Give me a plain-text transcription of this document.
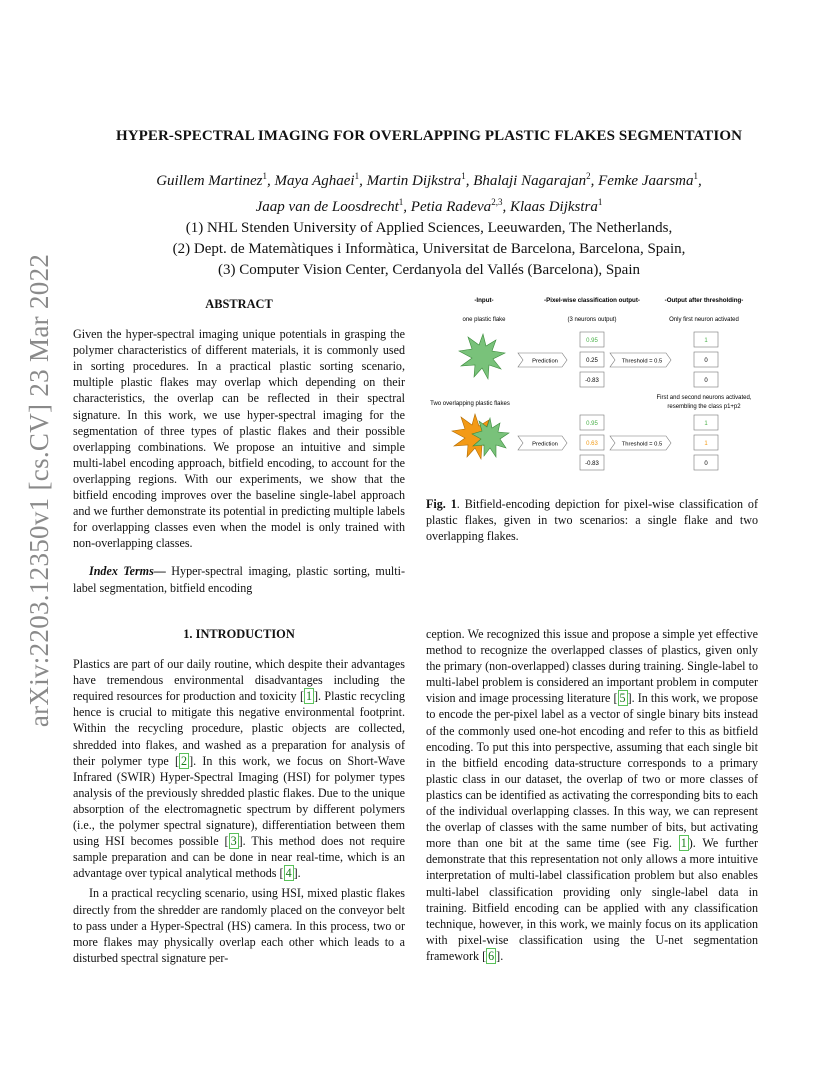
arXiv:2203.12350v1 [cs.CV] 23 Mar 2022
HYPER-SPECTRAL IMAGING FOR OVERLAPPING PLASTIC FLAKES SEGMENTATION
Guillem Martinez$^1$, Maya Aghaei$^1$, Martin Dijkstra$^1$, Bhalaji Nagarajan$^2$, Femke Jaarsma$^1$,
Jaap van de Loosdrecht$^1$, Petia Radeva$^{2,3}$, Klaas Dijkstra$^1$
(1) NHL Stenden University of Applied Sciences, Leeuwarden, The Netherlands,
(2) Dept. de Matemàtiques i Informàtica, Universitat de Barcelona, Barcelona, Spain,
(3) Computer Vision Center, Cerdanyola del Vallés (Barcelona), Spain
ABSTRACT

Given the hyper-spectral imaging unique potentials in grasping the polymer characteristics of different materials, it is commonly used in sorting procedures. In a practical plastic sorting scenario, multiple plastic flakes may overlap which depending on their characteristics, the overlap can be reflected in their spectral signature. In this work, we use hyper-spectral imaging for the segmentation of three types of plastic flakes and their possible overlapping combinations. We propose an intuitive and simple multi-label encoding approach, bitfield encoding, to account for the overlapping regions. With our experiments, we show that the bitfield encoding improves over the baseline single-label approach and we further demonstrate its potential in predicting multiple labels for overlapping classes even when the model is only trained with non-overlapping classes.

Index Terms— Hyper-spectral imaging, plastic sorting, multi-label segmentation, bitfield encoding

1. INTRODUCTION

Plastics are part of our daily routine, which despite their advantages have tremendous environmental disadvantages including the required resources for production and toxicity [ 1 ]. Plastic recycling hence is crucial to mitigate this negative environmental footprint. Within the recycling procedure, plastic objects are collected, shredded into flakes, and washed as a preparation for analysis of their polymer type [ 2 ]. In this work, we focus on Short-Wave Infrared (SWIR) Hyper-Spectral Imaging (HSI) for polymer types analysis of the previously shredded plastic flakes. Due to the unique absorption of the electromagnetic spectrum by different polymers (i.e., the polymer spectral signature), differentiation between them using HSI becomes possible [ 3 ]. This method does not require sample preparation and can be done in near real-time, which is an advantage over typical analytical methods [ 4 ].

In a practical recycling scenario, using HSI, mixed plastic flakes directly from the shredder are randomly placed on the conveyor belt to pass under a Hyper-Spectral (HS) camera. In this process, two or more flakes may physically overlap each other which leads to a disturbed spectral signature per-

-Input-	-Pixel-wise classification output-	-Output after thresholding-
one plastic flake	(3 neurons output)	Only first neuron activated
Prediction
0.95
0.25
-0.83
Threshold = 0.5
1
0
0
Two overlapping plastic flakes
First and second neurons activated,
resembling the class p1+p2
Prediction
0.95
0.63
-0.83
Threshold = 0.5
1
1
0

Fig. 1. Bitfield-encoding depiction for pixel-wise classification of plastic flakes, given in two scenarios: a single flake and two overlapping flakes.

ception. We recognized this issue and propose a simple yet effective method to recognize the overlapped classes of plastics, given only the primary (non-overlapped) classes during training. Single-label to multi-label problem is considered an important problem in computer vision and image processing literature [ 5 ]. In this work, we propose to encode the per-pixel label as a vector of single binary bits instead of the commonly used one-hot encoding and refer to this as bitfield encoding. To put this into perspective, assuming that each single bit in the bitfield encoding data-structure corresponds to a primary plastic class in our dataset, the overlap of two or more classes of plastics can be identified as activating the corresponding bits to each of the individual overlapping classes. In this way, we can represent the overlap of classes with the same number of bits, but activating more than one bit at the same time (see Fig. 1 ). We further demonstrate that this representation not only allows a more intuitive interpretation of multi-label classification problem but also enables multi-label classification providing only single-label data in training. Bitfield encoding can be applied with any classification technique, however, in this work, we mainly focus on its application with pixel-wise classification using the U-net segmentation framework [ 6 ].
